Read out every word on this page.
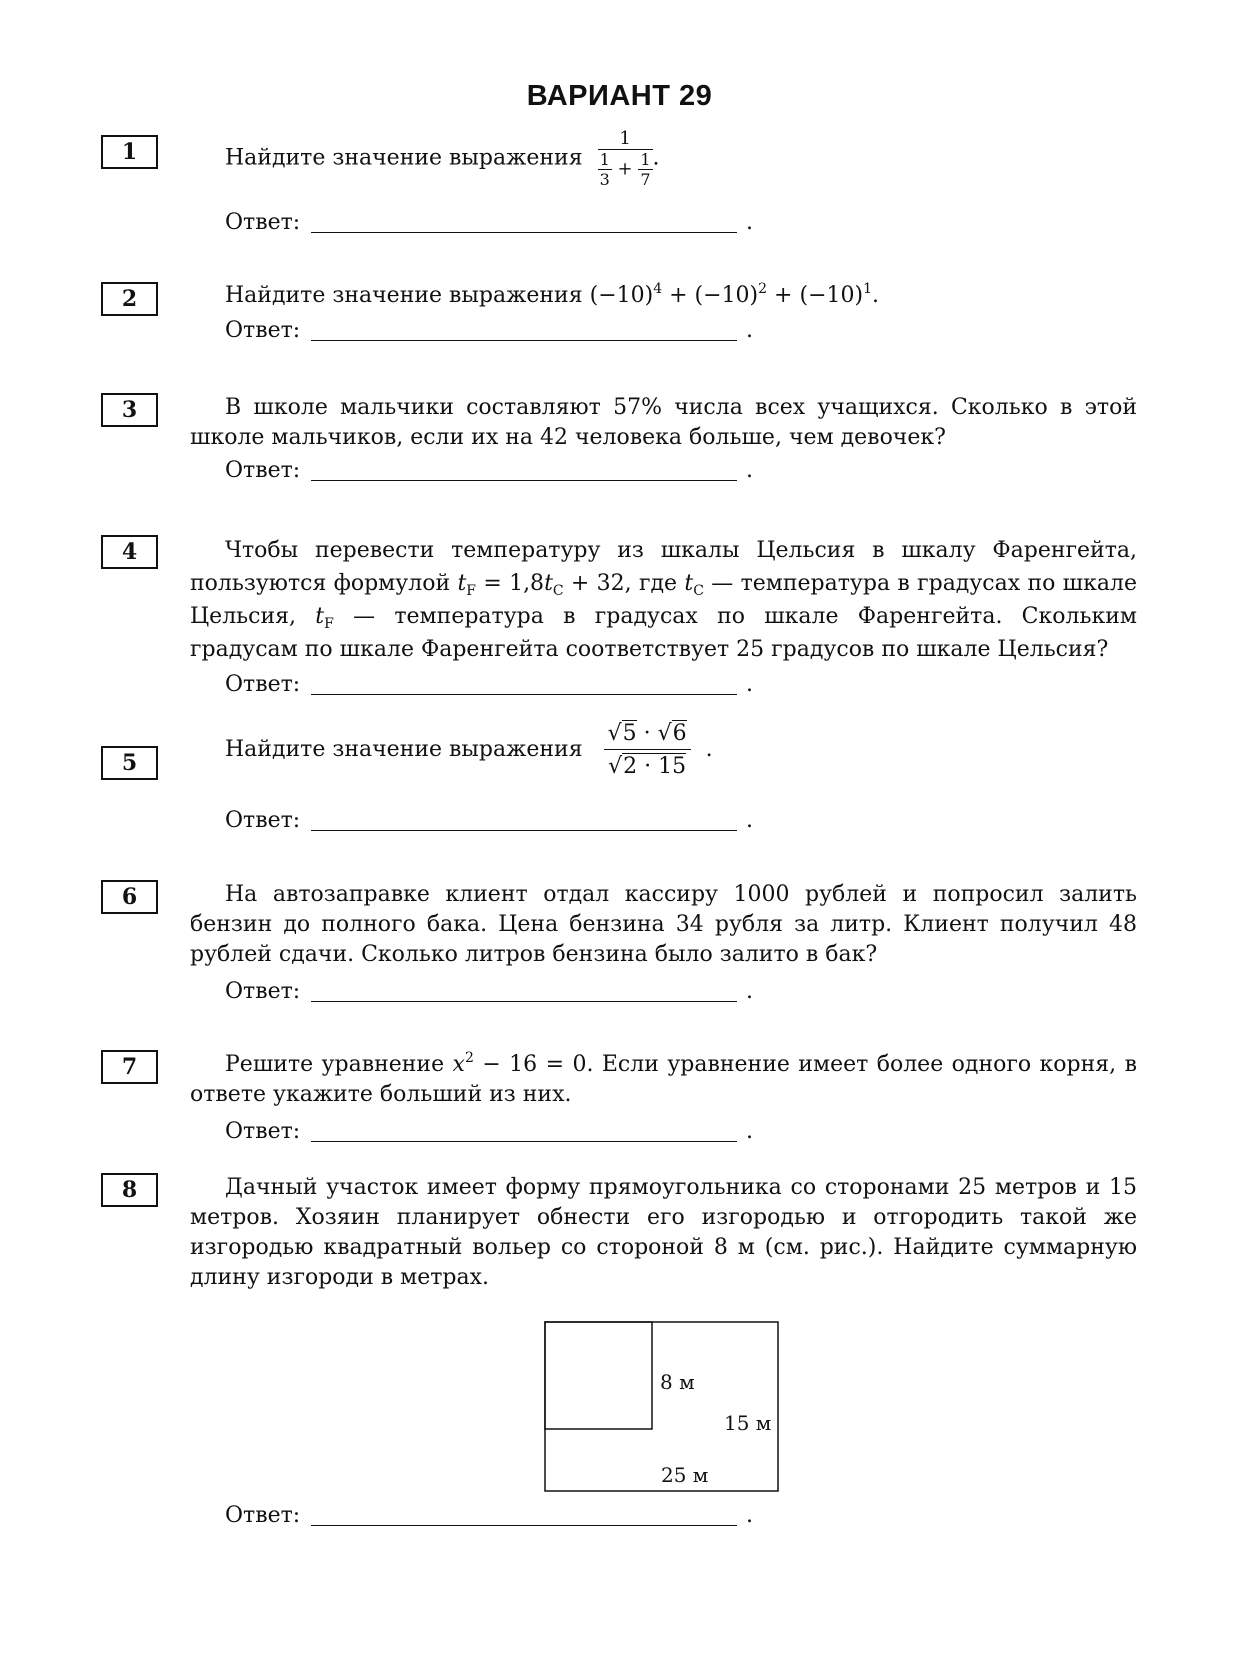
ВАРИАНТ 29
1	Найдите значение выражения $\frac{1}{\frac{1}{3} + \frac{1}{7}}$ .
Ответ:	.
2	Найдите значение выражения $(-10)^4 + (-10)^2 + (-10)^1$.
Ответ:	.
3	В школе мальчики составляют 57% числа всех учащихся. Сколько в этой школе мальчиков, если их на 42 человека больше, чем девочек?
Ответ:	.
4	Чтобы перевести температуру из шкалы Цельсия в шкалу Фаренгейта, пользуются формулой $t_F = 1,8t_C + 32$, где $t_C$ — температура в градусах по шкале Цельсия, $t_F$ — температура в градусах по шкале Фаренгейта. Скольким градусам по шкале Фаренгейта соответствует 25 градусов по шкале Цельсия?
Ответ:	.
5
Найдите значение выражения $\frac{√5 \cdot √6}{√2 \cdot 15}$ .
Ответ:	.
6	На автозаправке клиент отдал кассиру 1000 рублей и попросил залить бензин до полного бака. Цена бензина 34 рубля за литр. Клиент получил 48 рублей сдачи. Сколько литров бензина было залито в бак?
Ответ:	.
7	Решите уравнение $x^2 - 16 = 0$. Если уравнение имеет более одного корня, в ответе укажите больший из них.
Ответ:	.
8	Дачный участок имеет форму прямоугольника со сторонами 25 метров и 15 метров. Хозяин планирует обнести его изгородью и отгородить такой же изгородью квадратный вольер со стороной 8 м (см. рис.). Найдите суммарную длину изгороди в метрах.
8 м
15 м
25 м
Ответ:	.
